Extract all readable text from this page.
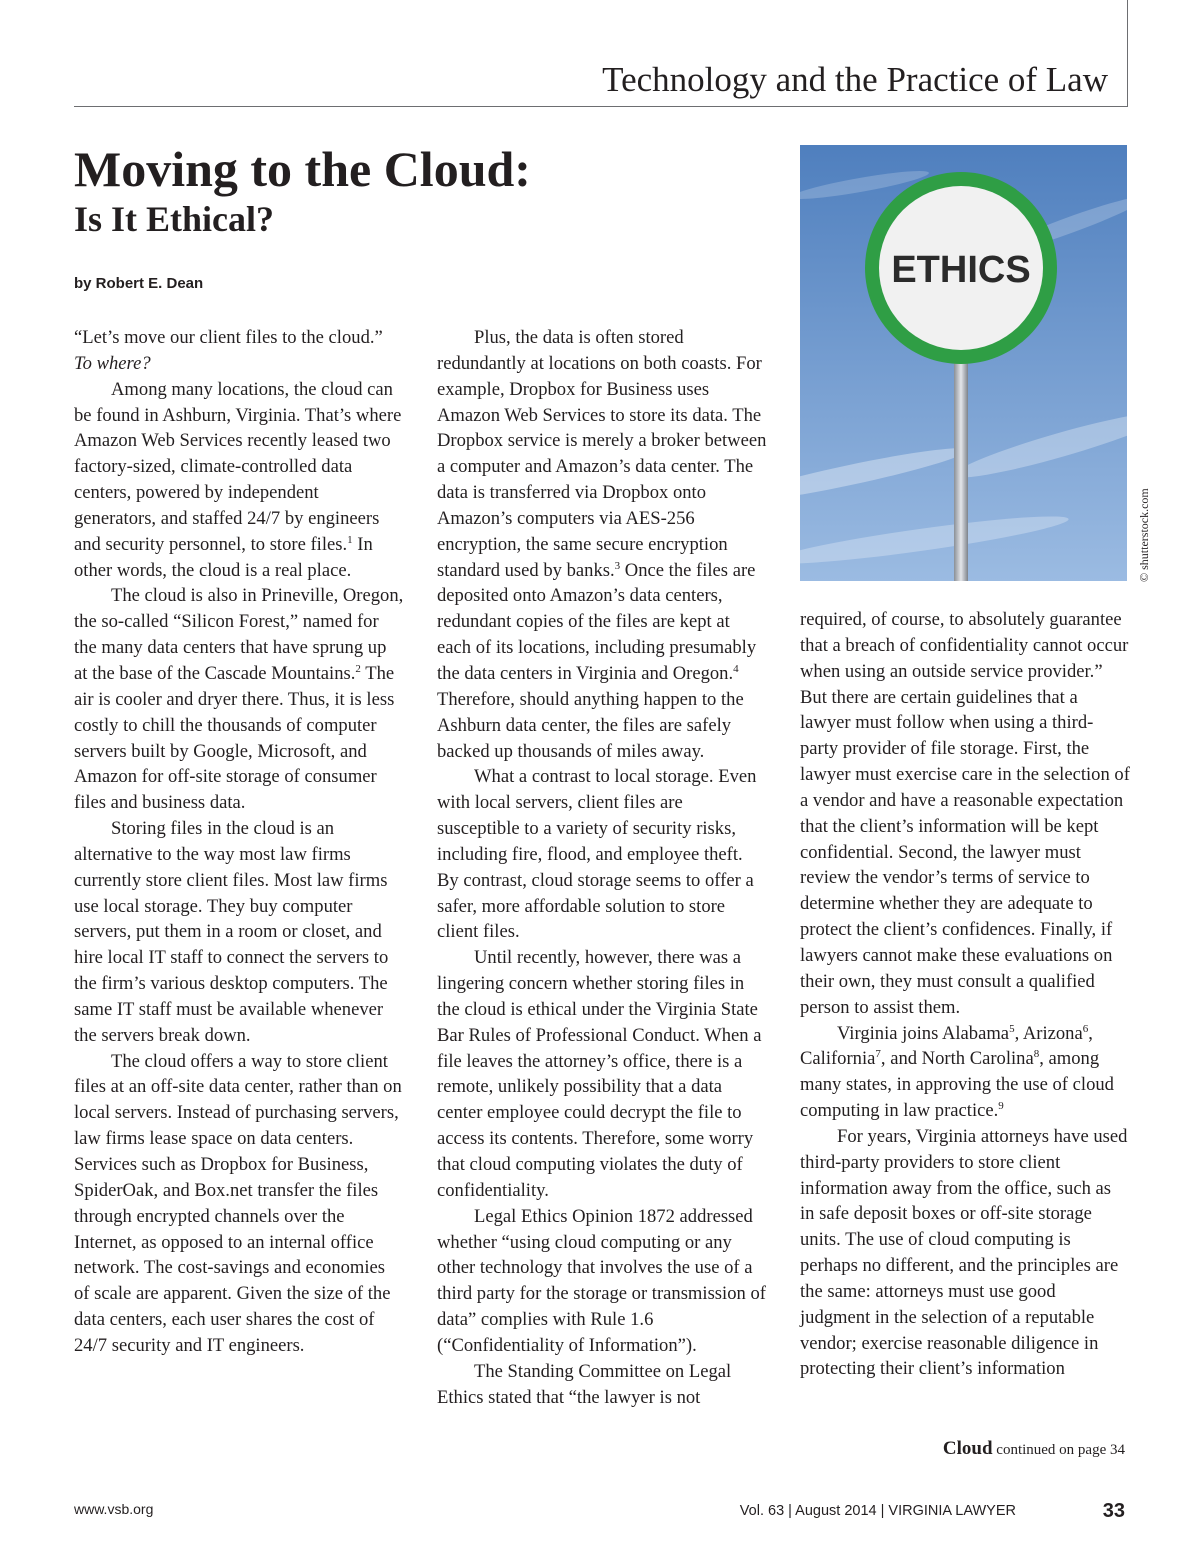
Technology and the Practice of Law
Moving to the Cloud:
Is It Ethical?
by Robert E. Dean

“Let’s move our client files to the cloud.”
To where?

Among many locations, the cloud can be found in Ashburn, Virginia. That’s where Amazon Web Services recently leased two factory-sized, climate-controlled data centers, powered by independent generators, and staffed 24/7 by engineers and security personnel, to store files.$^1$ In other words, the cloud is a real place.

The cloud is also in Prineville, Oregon, the so-called “Silicon Forest,” named for the many data centers that have sprung up at the base of the Cascade Mountains.$^2$ The air is cooler and dryer there. Thus, it is less costly to chill the thousands of computer servers built by Google, Microsoft, and Amazon for off-site storage of consumer files and business data.

Storing files in the cloud is an alternative to the way most law firms currently store client files. Most law firms use local storage. They buy computer servers, put them in a room or closet, and hire local IT staff to connect the servers to the firm’s various desktop computers. The same IT staff must be available whenever the servers break down.

The cloud offers a way to store client files at an off-site data center, rather than on local servers. Instead of purchasing servers, law firms lease space on data centers. Services such as Dropbox for Business, SpiderOak, and Box.net transfer the files through encrypted channels over the Internet, as opposed to an internal office network. The cost-savings and economies of scale are apparent. Given the size of the data centers, each user shares the cost of 24/7 security and IT engineers.

Plus, the data is often stored redundantly at locations on both coasts. For example, Dropbox for Business uses Amazon Web Services to store its data. The Dropbox service is merely a broker between a computer and Amazon’s data center. The data is transferred via Dropbox onto Amazon’s computers via AES-256 encryption, the same secure encryption standard used by banks.$^3$ Once the files are deposited onto Amazon’s data centers, redundant copies of the files are kept at each of its locations, including presumably the data centers in Virginia and Oregon.$^4$ Therefore, should anything happen to the Ashburn data center, the files are safely backed up thousands of miles away.

What a contrast to local storage. Even with local servers, client files are susceptible to a variety of security risks, including fire, flood, and employee theft. By contrast, cloud storage seems to offer a safer, more affordable solution to store client files.

Until recently, however, there was a lingering concern whether storing files in the cloud is ethical under the Virginia State Bar Rules of Professional Conduct. When a file leaves the attorney’s office, there is a remote, unlikely possibility that a data center employee could decrypt the file to access its contents. Therefore, some worry that cloud computing violates the duty of confidentiality.

Legal Ethics Opinion 1872 addressed whether “using cloud computing or any other technology that involves the use of a third party for the storage or transmission of data” complies with Rule 1.6 (“Confidentiality of Information”).

The Standing Committee on Legal Ethics stated that “the lawyer is not

ETHICS
© shutterstock.com

required, of course, to absolutely guarantee that a breach of confidentiality cannot occur when using an outside service provider.” But there are certain guidelines that a lawyer must follow when using a third-party provider of file storage. First, the lawyer must exercise care in the selection of a vendor and have a reasonable expectation that the client’s information will be kept confidential. Second, the lawyer must review the vendor’s terms of service to determine whether they are adequate to protect the client’s confidences. Finally, if lawyers cannot make these evaluations on their own, they must consult a qualified person to assist them.

Virginia joins Alabama$^5$, Arizona$^6$, California$^7$, and North Carolina$^8$, among many states, in approving the use of cloud computing in law practice.$^9$

For years, Virginia attorneys have used third-party providers to store client information away from the office, such as in safe deposit boxes or off-site storage units. The use of cloud computing is perhaps no different, and the principles are the same: attorneys must use good judgment in the selection of a reputable vendor; exercise reasonable diligence in protecting their client’s information

Cloud continued on page 34
www.vsb.org	Vol. 63 | August 2014 | VIRGINIA LAWYER	33
